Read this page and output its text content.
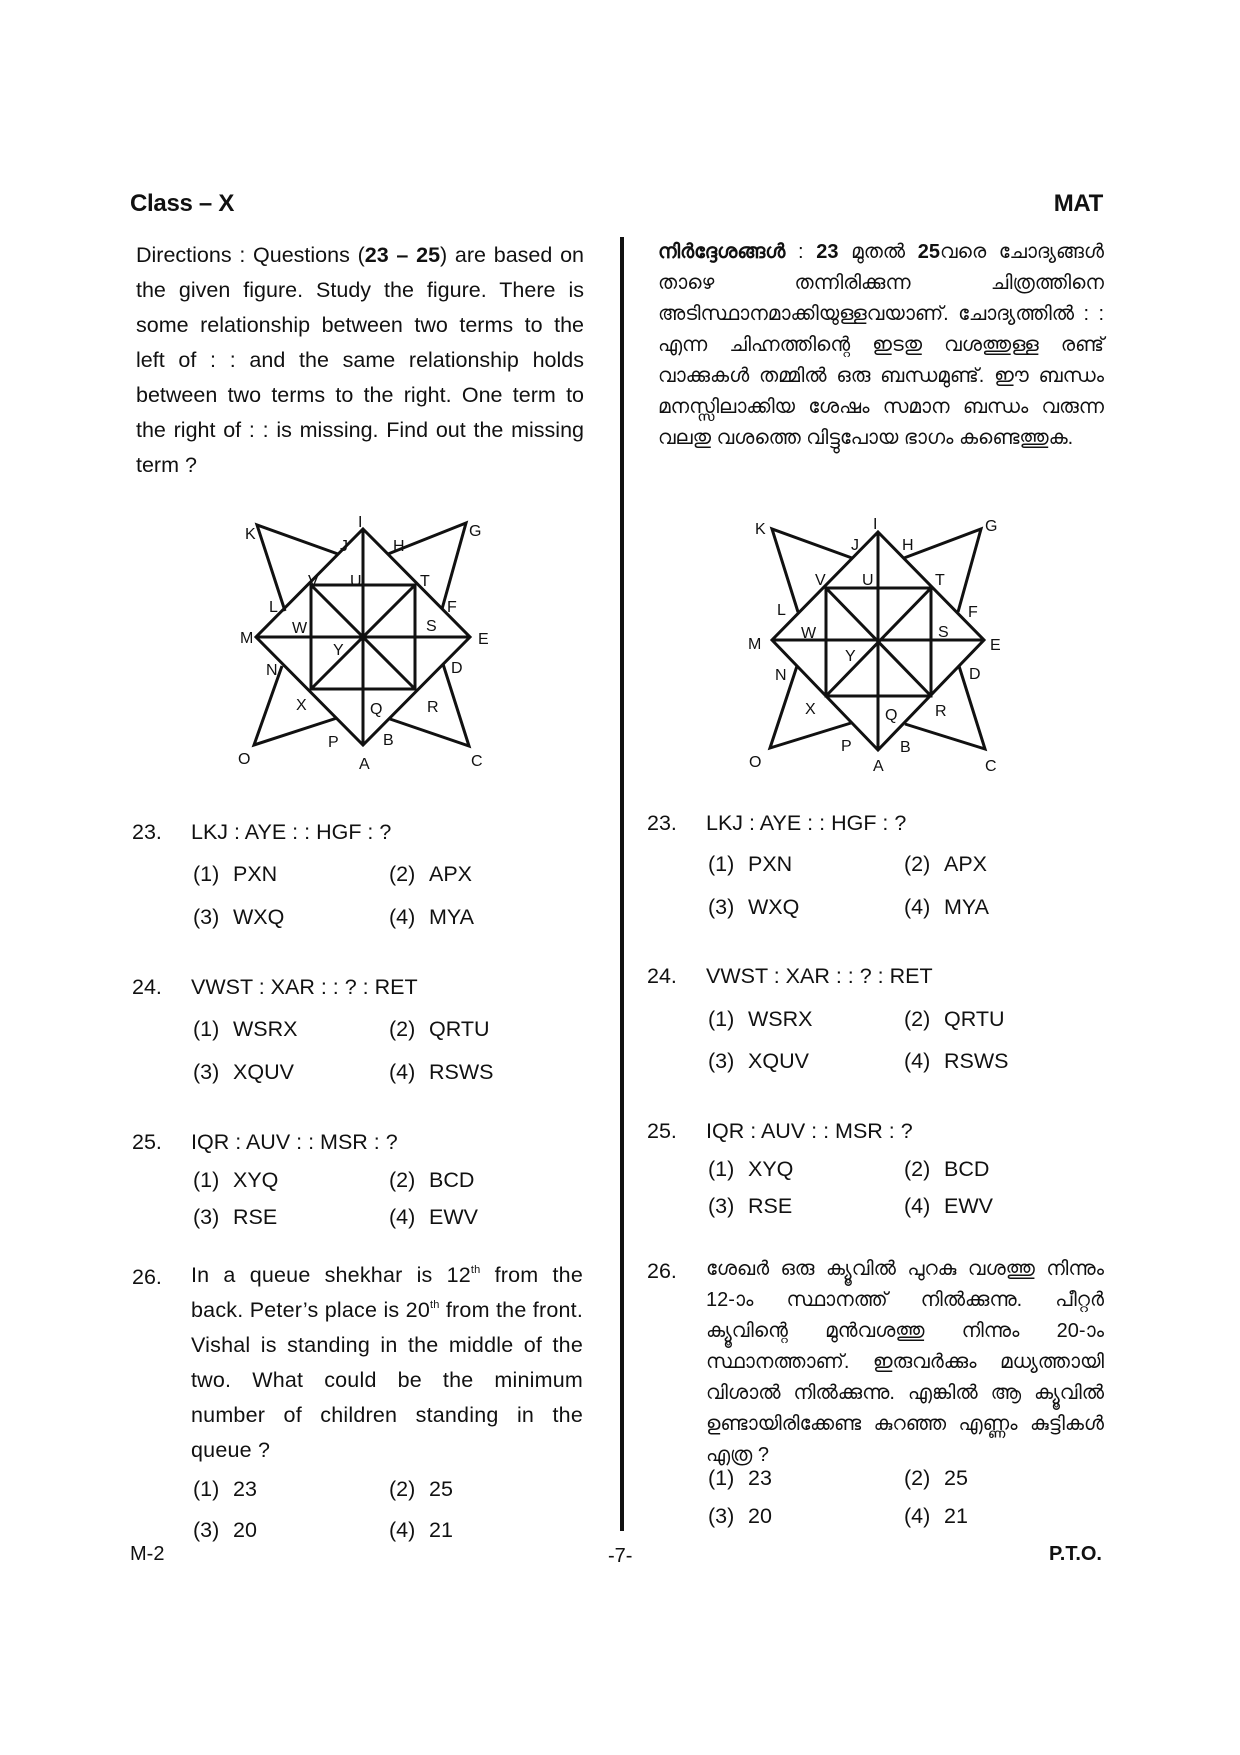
Class – X	MAT
Directions : Questions (23 – 25) are based on the given figure. Study the figure. There is some relationship between two terms to the left of : : and the same relationship holds between two terms to the right. One term to the right of : : is missing. Find out the missing term ?
I
J	H
K	G
V U	T
L	F
W	S
M	E
Y
N	D
X	Q	R
P	B
O	A	C
23. LKJ : AYE : : HGF : ?
(1) PXN	(2) APX
(3) WXQ	(4) MYA
24. VWST : XAR : : ? : RET
(1) WSRX	(2) QRTU
(3) XQUV	(4) RSWS
25. IQR : AUV : : MSR : ?
(1) XYQ	(2) BCD
(3) RSE	(4) EWV
26. In a queue shekhar is 12th from the back. Peter’s place is 20th from the front. Vishal is standing in the middle of the two. What could be the minimum number of children standing in the queue ?
(1) 23	(2) 25
(3) 20	(4) 21
നിർദ്ദേശങ്ങൾ : 23 മുതൽ 25വരെ ചോദ്യങ്ങൾ താഴെ തന്നിരിക്കുന്ന ചിത്രത്തിനെ അടിസ്ഥാനമാക്കിയുള്ളവയാണ്. ചോദ്യത്തിൽ : : എന്ന ചിഹ്നത്തിന്റെ ഇടതു വശത്തുള്ള രണ്ട് വാക്കുകൾ തമ്മിൽ ഒരു ബന്ധമുണ്ട്. ഈ ബന്ധം മനസ്സിലാക്കിയ ശേഷം സമാന ബന്ധം വരുന്ന വലതു വശത്തെ വിട്ടുപോയ ഭാഗം കണ്ടെത്തുക.
I
J	H
K	G
V U	T
L	F
W	S
M	E
Y
N	D
X	Q R
P	B
O	A	C
23. LKJ : AYE : : HGF : ?
(1) PXN	(2) APX
(3) WXQ	(4) MYA
24. VWST : XAR : : ? : RET
(1) WSRX	(2) QRTU
(3) XQUV	(4) RSWS
25. IQR : AUV : : MSR : ?
(1) XYQ	(2) BCD
(3) RSE	(4) EWV
26. ശേഖർ ഒരു ക്യൂവിൽ പുറകു വശത്തു നിന്നും 12-ാം സ്ഥാനത്ത് നിൽക്കുന്നു. പീറ്റർ ക്യൂവിന്റെ മുൻവശത്തു നിന്നും 20-ാം സ്ഥാനത്താണ്. ഇരുവർക്കും മധ്യത്തായി വിശാൽ നിൽക്കുന്നു. എങ്കിൽ ആ ക്യൂവിൽ ഉണ്ടായിരിക്കേണ്ട കുറഞ്ഞ എണ്ണം കുട്ടികൾ എത്ര ?
(1) 23	(2) 25
(3) 20	(4) 21
M-2	-7-	P.T.O.
